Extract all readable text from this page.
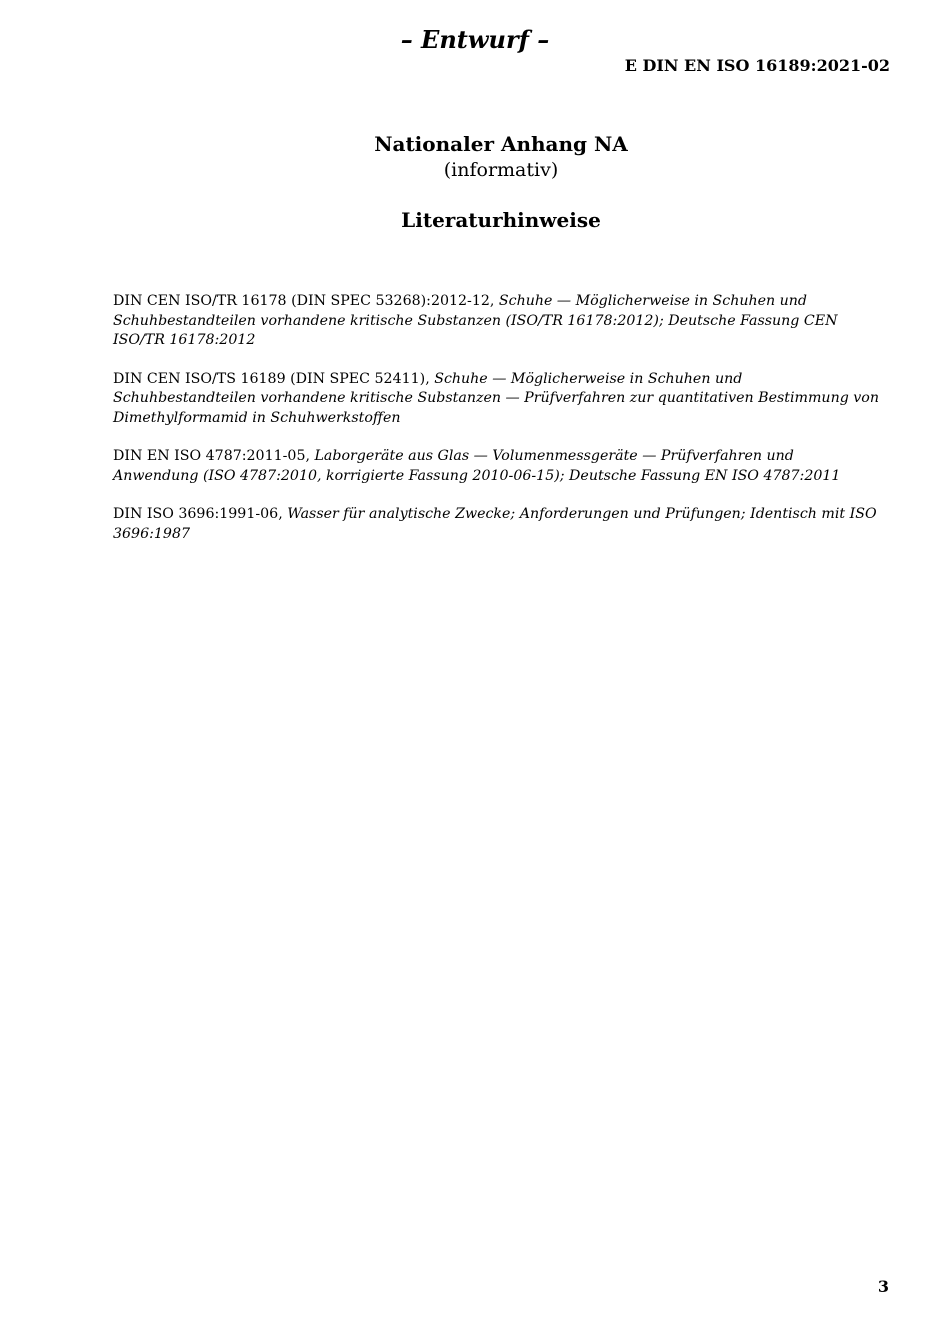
– Entwurf –
E DIN EN ISO 16189:2021-02
Nationaler Anhang NA
(informativ)
Literaturhinweise

DIN CEN ISO/TR 16178 (DIN SPEC 53268):2012-12, Schuhe — Möglicherweise in Schuhen und Schuhbestandteilen vorhandene kritische Substanzen (ISO/TR 16178:2012); Deutsche Fassung CEN ISO/TR 16178:2012

DIN CEN ISO/TS 16189 (DIN SPEC 52411), Schuhe — Möglicherweise in Schuhen und Schuhbestandteilen vorhandene kritische Substanzen — Prüfverfahren zur quantitativen Bestimmung von Dimethylformamid in Schuhwerkstoffen

DIN EN ISO 4787:2011-05, Laborgeräte aus Glas — Volumenmessgeräte — Prüfverfahren und Anwendung (ISO 4787:2010, korrigierte Fassung 2010-06-15); Deutsche Fassung EN ISO 4787:2011

DIN ISO 3696:1991-06, Wasser für analytische Zwecke; Anforderungen und Prüfungen; Identisch mit ISO 3696:1987

3
